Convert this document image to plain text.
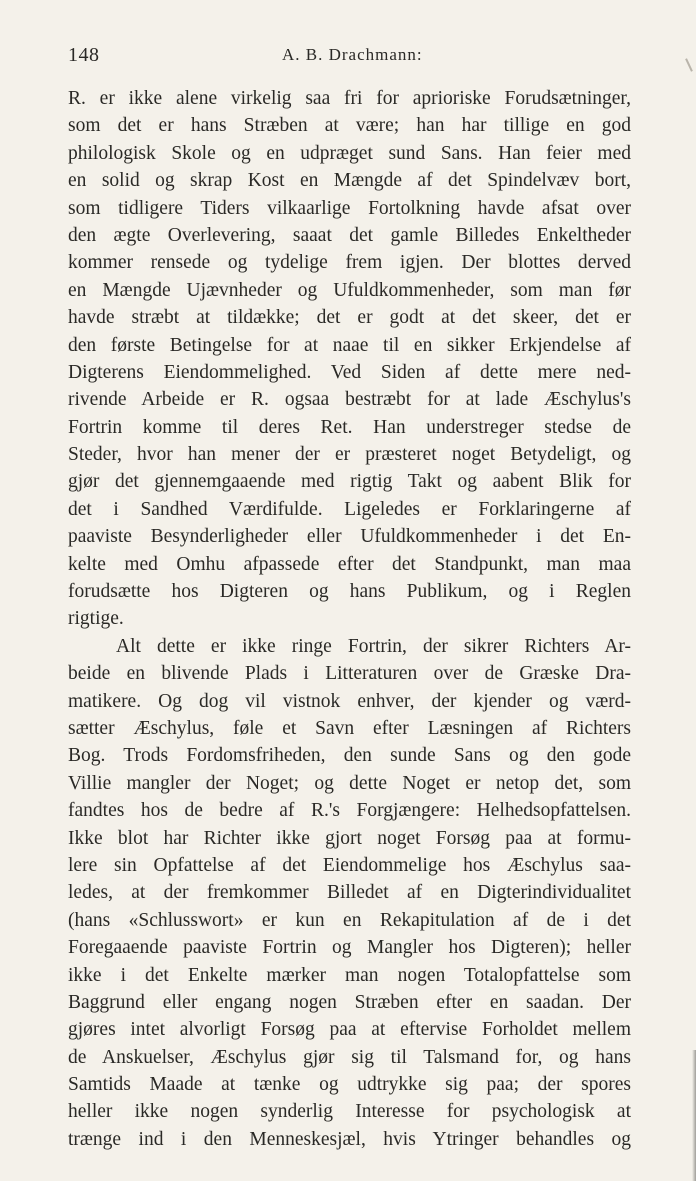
148	A. B. Drachmann:
R. er ikke alene virkelig saa fri for aprioriske Forudsætninger,
som det er hans Stræben at være; han har tillige en god
philologisk Skole og en udpræget sund Sans. Han feier med
en solid og skrap Kost en Mængde af det Spindelvæv bort,
som tidligere Tiders vilkaarlige Fortolkning havde afsat over
den ægte Overlevering, saaat det gamle Billedes Enkeltheder
kommer rensede og tydelige frem igjen. Der blottes derved
en Mængde Ujævnheder og Ufuldkommenheder, som man før
havde stræbt at tildække; det er godt at det skeer, det er
den første Betingelse for at naae til en sikker Erkjendelse af
Digterens Eiendommelighed. Ved Siden af dette mere ned-
rivende Arbeide er R. ogsaa bestræbt for at lade Æschylus's
Fortrin komme til deres Ret. Han understreger stedse de
Steder, hvor han mener der er præsteret noget Betydeligt, og
gjør det gjennemgaaende med rigtig Takt og aabent Blik for
det i Sandhed Værdifulde. Ligeledes er Forklaringerne af
paaviste Besynderligheder eller Ufuldkommenheder i det En-
kelte med Omhu afpassede efter det Standpunkt, man maa
forudsætte hos Digteren og hans Publikum, og i Reglen
rigtige.
Alt dette er ikke ringe Fortrin, der sikrer Richters Ar-
beide en blivende Plads i Litteraturen over de Græske Dra-
matikere. Og dog vil vistnok enhver, der kjender og værd-
sætter Æschylus, føle et Savn efter Læsningen af Richters
Bog. Trods Fordomsfriheden, den sunde Sans og den gode
Villie mangler der Noget; og dette Noget er netop det, som
fandtes hos de bedre af R.'s Forgjængere: Helhedsopfattelsen.
Ikke blot har Richter ikke gjort noget Forsøg paa at formu-
lere sin Opfattelse af det Eiendommelige hos Æschylus saa-
ledes, at der fremkommer Billedet af en Digterindividualitet
(hans «Schlusswort» er kun en Rekapitulation af de i det
Foregaaende paaviste Fortrin og Mangler hos Digteren); heller
ikke i det Enkelte mærker man nogen Totalopfattelse som
Baggrund eller engang nogen Stræben efter en saadan. Der
gjøres intet alvorligt Forsøg paa at eftervise Forholdet mellem
de Anskuelser, Æschylus gjør sig til Talsmand for, og hans
Samtids Maade at tænke og udtrykke sig paa; der spores
heller ikke nogen synderlig Interesse for psychologisk at
trænge ind i den Menneskesjæl, hvis Ytringer behandles og
